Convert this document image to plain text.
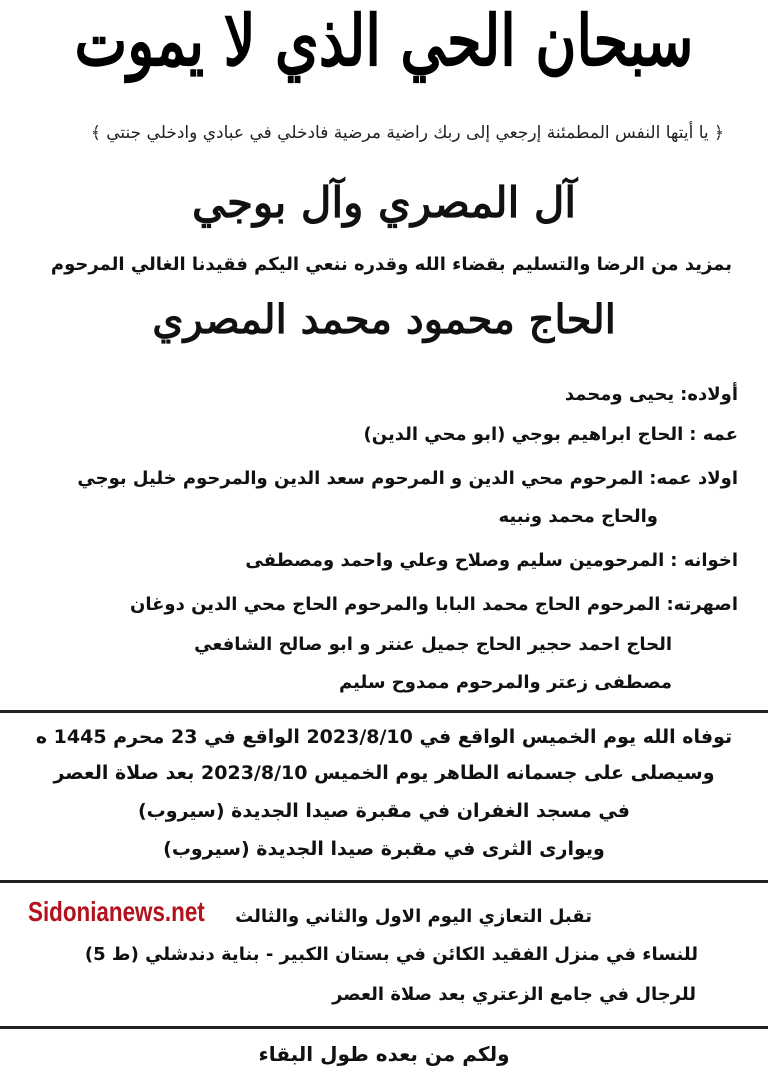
سبحان الحي الذي لا يموت
﴿ يا أيتها النفس المطمئنة إرجعي إلى ربك راضية مرضية فادخلي في عبادي وادخلي جنتي ﴾
آل المصري وآل بوجي
بمزيد من الرضا والتسليم بقضاء الله وقدره ننعي اليكم فقيدنا الغالي المرحوم
الحاج محمود محمد المصري
أولاده:يحيى ومحمد
عمه :الحاج ابراهيم بوجي (ابو محي الدين)
اولاد عمه:المرحوم محي الدين و المرحوم سعد الدين والمرحوم خليل بوجي
والحاج محمد ونبيه
اخوانه :المرحومين سليم وصلاح وعلي واحمد ومصطفى
اصهرته:المرحوم الحاج محمد البابا والمرحوم الحاج محي الدين دوغان
الحاج احمد حجير الحاج جميل عنتر و ابو صالح الشافعي
مصطفى زعتر والمرحوم ممدوح سليم
توفاه الله يوم الخميس الواقع في 2023/8/10 الواقع في 23 محرم 1445 ه
وسيصلى على جسمانه الطاهر يوم الخميس 2023/8/10 بعد صلاة العصر
في مسجد الغفران في مقبرة صيدا الجديدة (سيروب)
ويوارى الثرى في مقبرة صيدا الجديدة (سيروب)
تقبل التعازي اليوم الاول والثاني والثالث
للنساء في منزل الفقيد الكائن في بستان الكبير - بناية دندشلي (ط 5)
للرجال في جامع الزعتري بعد صلاة العصر
ولكم من بعده طول البقاء
Sidonianews.net
